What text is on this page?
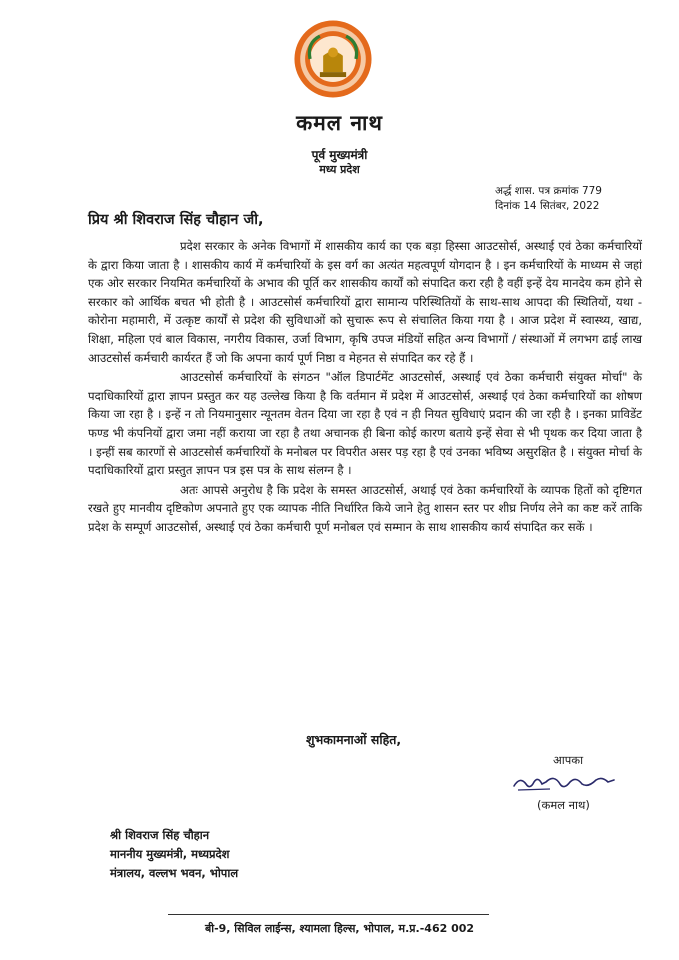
कमल नाथ
पूर्व मुख्यमंत्री
मध्य प्रदेश
अर्द्ध शास. पत्र क्रमांक 779
दिनांक 14 सितंबर, 2022
प्रिय श्री शिवराज सिंह चौहान जी,

प्रदेश सरकार के अनेक विभागों में शासकीय कार्य का एक बड़ा हिस्सा आउटसोर्स, अस्थाई एवं ठेका कर्मचारियों के द्वारा किया जाता है । शासकीय कार्य में कर्मचारियों के इस वर्ग का अत्यंत महत्वपूर्ण योगदान है । इन कर्मचारियों के माध्यम से जहां एक ओर सरकार नियमित कर्मचारियों के अभाव की पूर्ति कर शासकीय कार्यों को संपादित करा रही है वहीं इन्हें देय मानदेय कम होने से सरकार को आर्थिक बचत भी होती है । आउटसोर्स कर्मचारियों द्वारा सामान्य परिस्थितियों के साथ-साथ आपदा की स्थितियों, यथा - कोरोना महामारी, में उत्कृष्ट कार्यों से प्रदेश की सुविधाओं को सुचारू रूप से संचालित किया गया है । आज प्रदेश में स्वास्थ्य, खाद्य, शिक्षा, महिला एवं बाल विकास, नगरीय विकास, उर्जा विभाग, कृषि उपज मंडियों सहित अन्य विभागों / संस्थाओं में लगभग ढाई लाख आउटसोर्स कर्मचारी कार्यरत हैं जो कि अपना कार्य पूर्ण निष्ठा व मेहनत से संपादित कर रहे हैं ।

आउटसोर्स कर्मचारियों के संगठन "ऑल डिपार्टमेंट आउटसोर्स, अस्थाई एवं ठेका कर्मचारी संयुक्त मोर्चा" के पदाधिकारियों द्वारा ज्ञापन प्रस्तुत कर यह उल्लेख किया है कि वर्तमान में प्रदेश में आउटसोर्स, अस्थाई एवं ठेका कर्मचारियों का शोषण किया जा रहा है । इन्हें न तो नियमानुसार न्यूनतम वेतन दिया जा रहा है एवं न ही नियत सुविधाएं प्रदान की जा रही है । इनका प्राविडेंट फण्ड भी कंपनियों द्वारा जमा नहीं कराया जा रहा है तथा अचानक ही बिना कोई कारण बताये इन्हें सेवा से भी पृथक कर दिया जाता है । इन्हीं सब कारणों से आउटसोर्स कर्मचारियों के मनोबल पर विपरीत असर पड़ रहा है एवं उनका भविष्य असुरक्षित है । संयुक्त मोर्चा के पदाधिकारियों द्वारा प्रस्तुत ज्ञापन पत्र इस पत्र के साथ संलग्न है ।

अतः आपसे अनुरोध है कि प्रदेश के समस्त आउटसोर्स, अथाई एवं ठेका कर्मचारियों के व्यापक हितों को दृष्टिगत रखते हुए मानवीय दृष्टिकोण अपनाते हुए एक व्यापक नीति निर्धारित किये जाने हेतु शासन स्तर पर शीघ्र निर्णय लेने का कष्ट करें ताकि प्रदेश के सम्पूर्ण आउटसोर्स, अस्थाई एवं ठेका कर्मचारी पूर्ण मनोबल एवं सम्मान के साथ शासकीय कार्य संपादित कर सकें ।

शुभकामनाओं सहित,
आपका
(कमल नाथ)
श्री शिवराज सिंह चौहान
माननीय मुख्यमंत्री, मध्यप्रदेश
मंत्रालय, वल्लभ भवन, भोपाल
बी-9, सिविल लाईन्स, श्यामला हिल्स, भोपाल, म.प्र.-462 002
